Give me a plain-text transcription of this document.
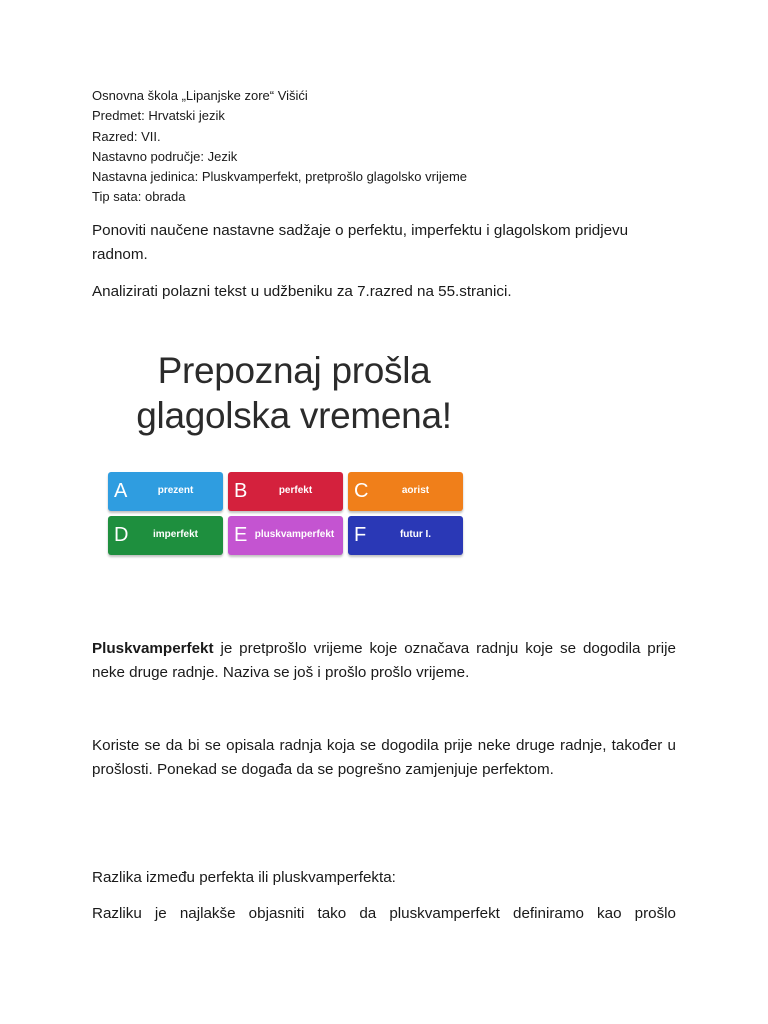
Osnovna škola „Lipanjske zore“ Višići
Predmet: Hrvatski jezik
Razred: VII.
Nastavno područje: Jezik
Nastavna jedinica: Pluskvamperfekt, pretprošlo glagolsko vrijeme
Tip sata: obrada
Ponoviti naučene nastavne sadžaje o perfektu, imperfektu i glagolskom pridjevu radnom.
Analizirati polazni tekst u udžbeniku za 7.razred na 55.stranici.
Prepoznaj prošla
glagolska vremena!
A	prezent	B	perfekt	C	aorist
D	imperfekt	E pluskvamperfekt F	futur I.
Pluskvamperfekt je pretprošlo vrijeme koje označava radnju koje se dogodila prije neke druge radnje. Naziva se još i prošlo prošlo vrijeme.
Koriste se da bi se opisala radnja koja se dogodila prije neke druge radnje, također u prošlosti. Ponekad se događa da se pogrešno zamjenjuje perfektom.
Razlika između perfekta ili pluskvamperfekta:
Razliku je najlakše objasniti tako da pluskvamperfekt definiramo kao prošlo
